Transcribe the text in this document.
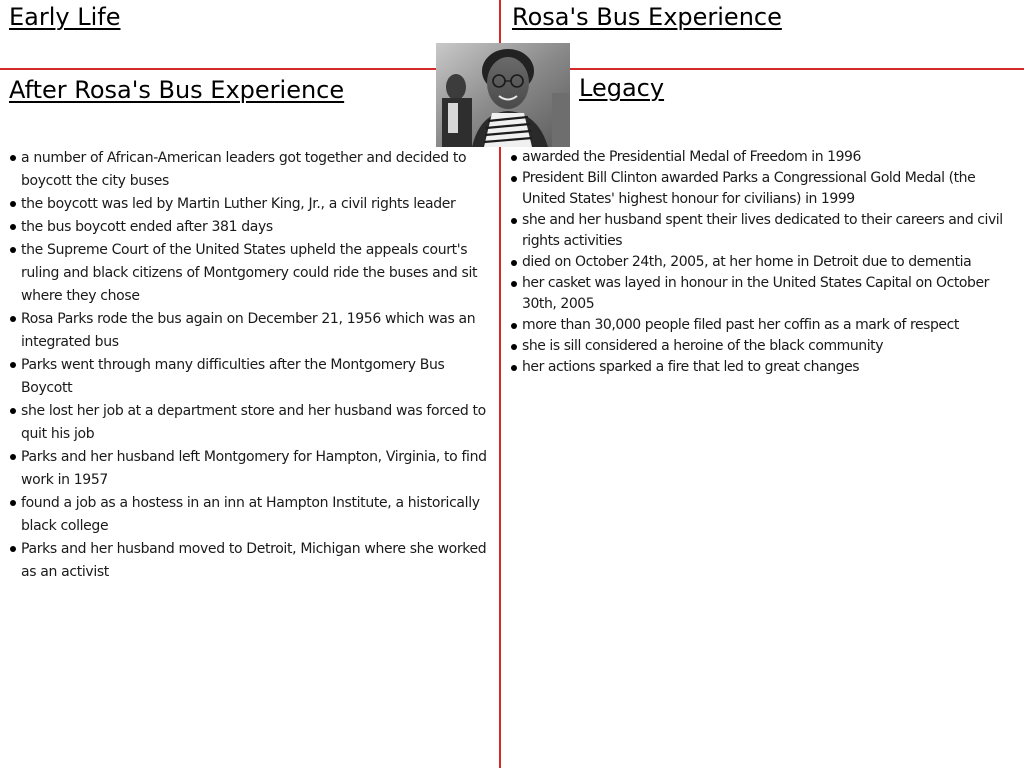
Early Life	Rosa's Bus Experience
After Rosa's Bus Experience	Legacy
a number of African-American leaders got together and decided to boycott the city buses
the boycott was led by Martin Luther King, Jr., a civil rights leader
the bus boycott ended after 381 days
the Supreme Court of the United States upheld the appeals court's ruling and black citizens of Montgomery could ride the buses and sit where they chose
Rosa Parks rode the bus again on December 21, 1956 which was an integrated bus
Parks went through many difficulties after the Montgomery Bus Boycott
she lost her job at a department store and her husband was forced to quit his job
Parks and her husband left Montgomery for Hampton, Virginia, to find work in 1957
found a job as a hostess in an inn at Hampton Institute, a historically black college
Parks and her husband moved to Detroit, Michigan where she worked as an activist
awarded the Presidential Medal of Freedom in 1996
President Bill Clinton awarded Parks a Congressional Gold Medal (the United States' highest honour for civilians) in 1999
she and her husband spent their lives dedicated to their careers and civil rights activities
died on October 24th, 2005, at her home in Detroit due to dementia
her casket was layed in honour in the United States Capital on October 30th, 2005
more than 30,000 people filed past her coffin as a mark of respect
she is sill considered a heroine of the black community
her actions sparked a fire that led to great changes
